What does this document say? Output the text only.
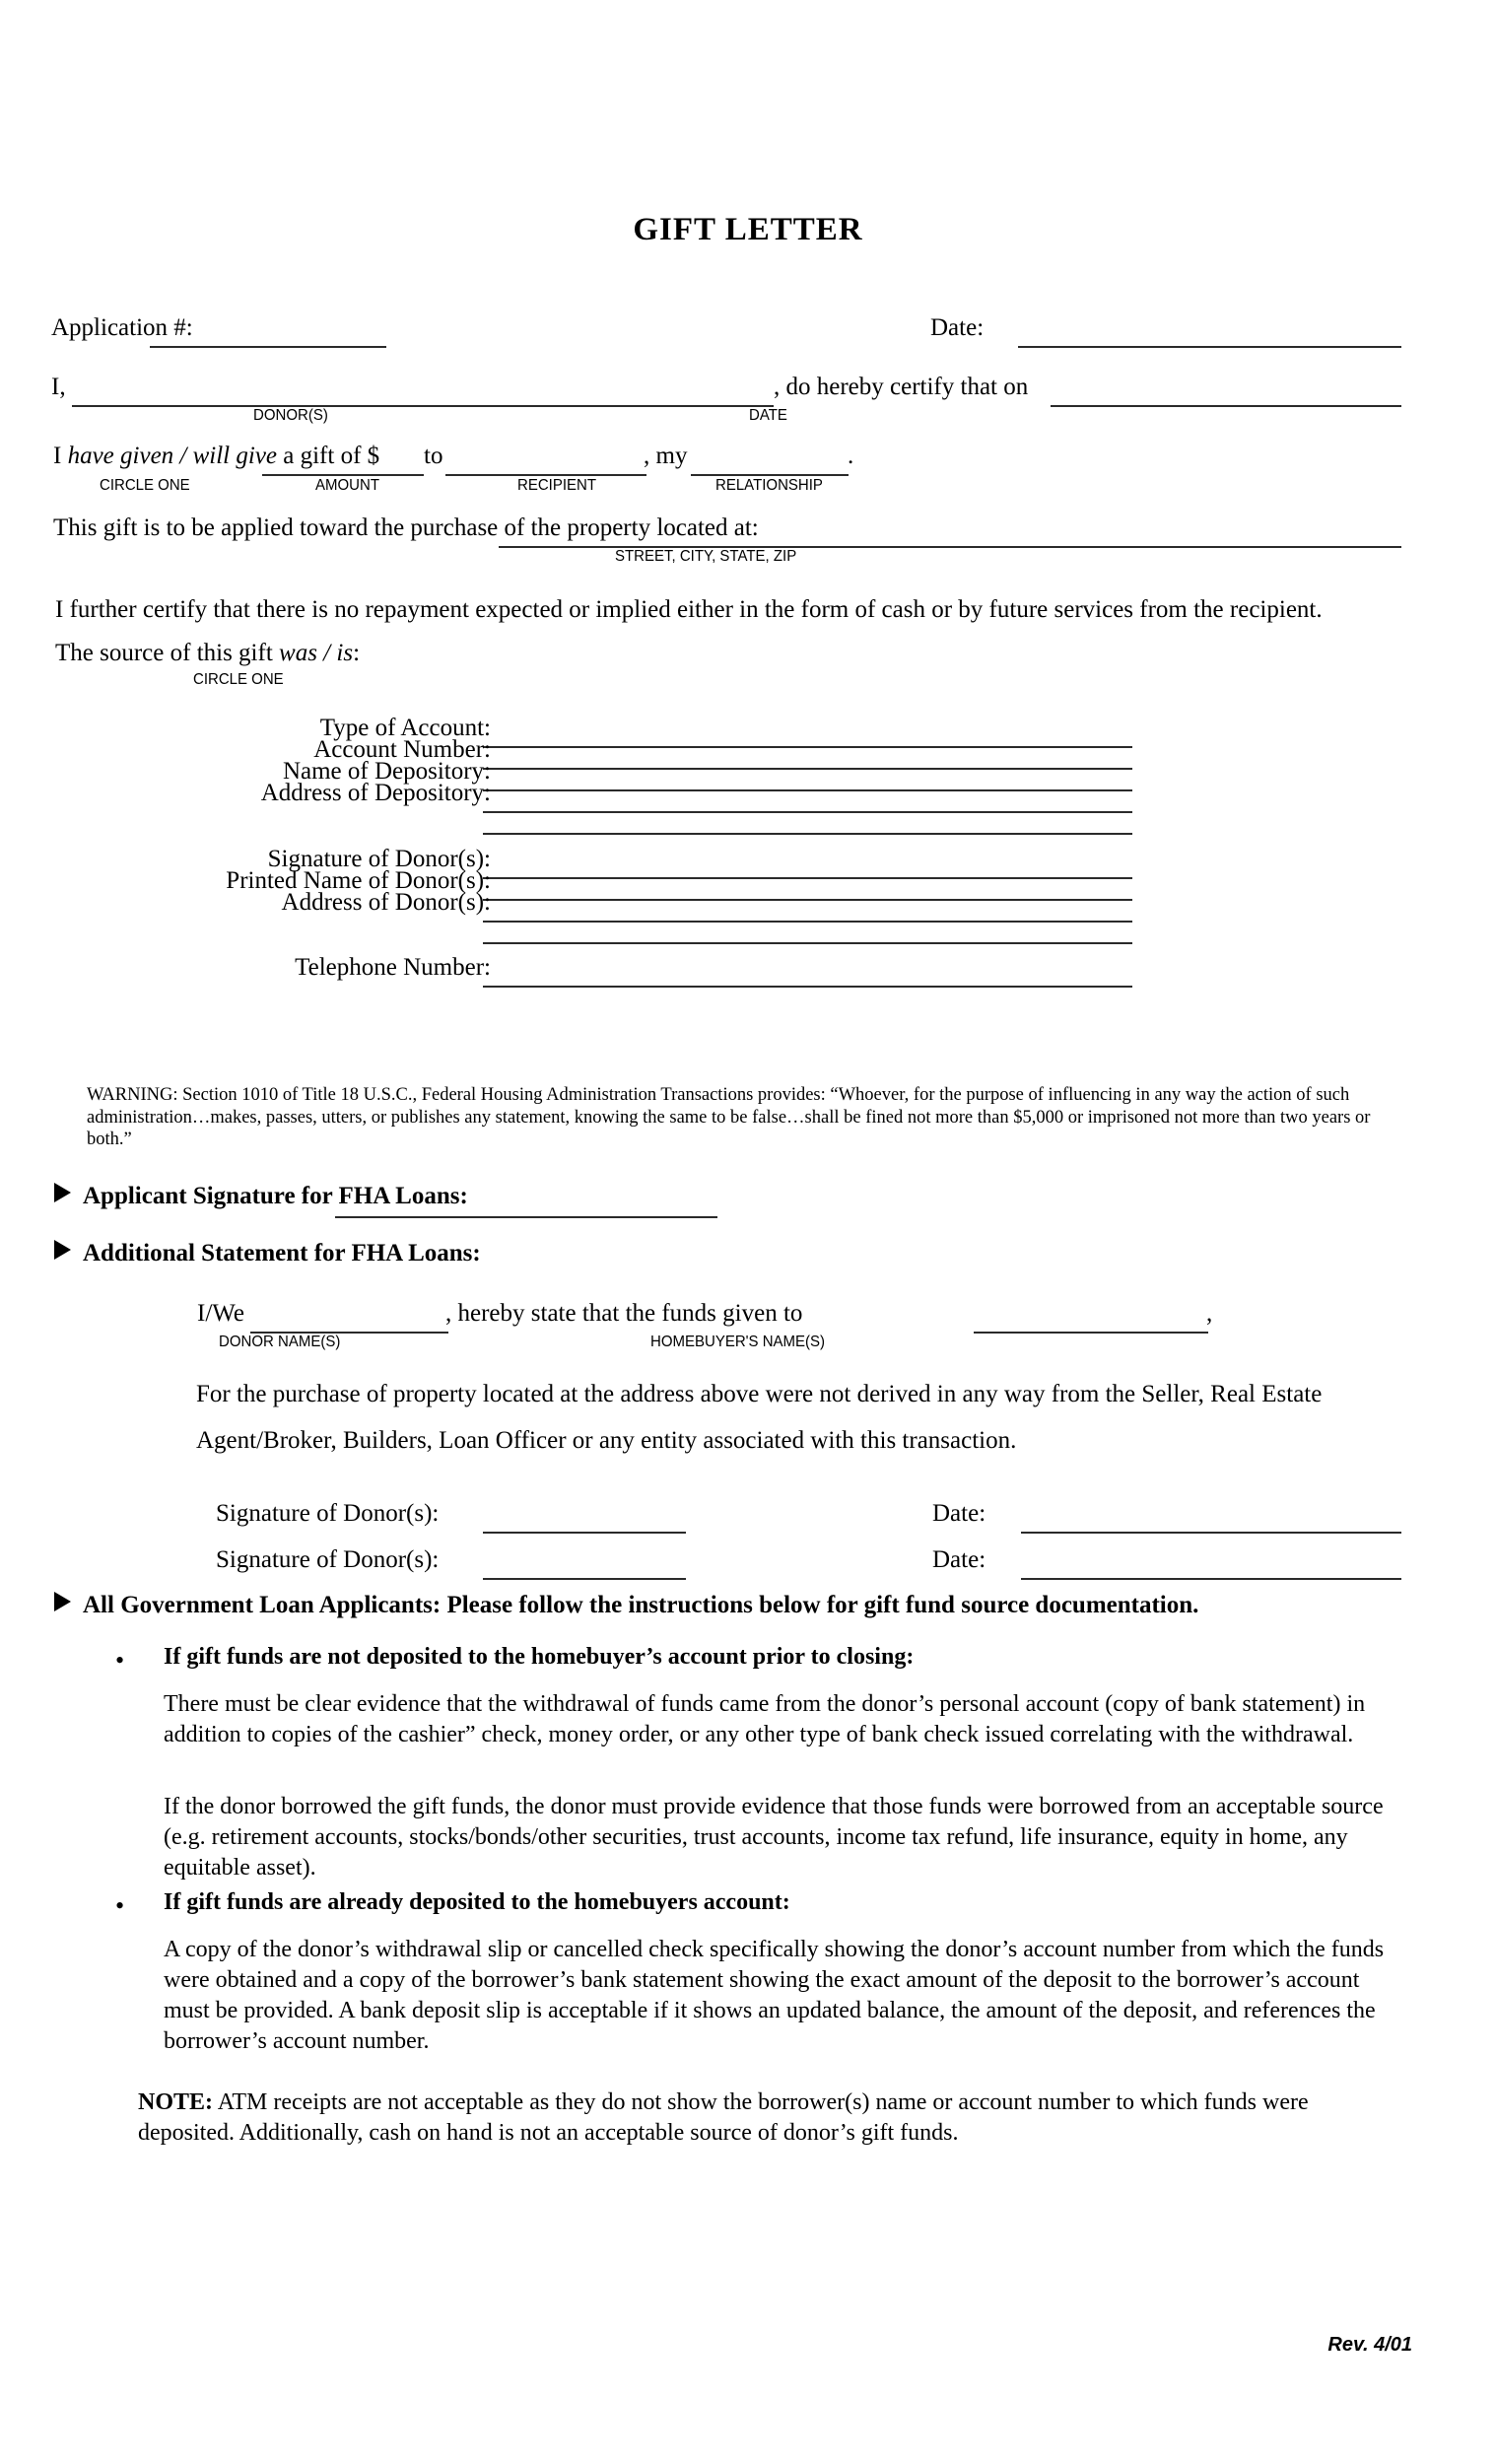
GIFT LETTER
Application #:	Date:
I,	, do hereby certify that on
DONOR(S)	DATE
I have given / will give a gift of $ to	, my	.
CIRCLE ONE	AMOUNT	RECIPIENT	RELATIONSHIP
This gift is to be applied toward the purchase of the property located at:
STREET, CITY, STATE, ZIP
I further certify that there is no repayment expected or implied either in the form of cash or by future services from the recipient.
The source of this gift was / is:
CIRCLE ONE
Type of Account:
Account Number:
Name of Depository:
Address of Depository:
Signature of Donor(s):
Printed Name of Donor(s):
Address of Donor(s):
Telephone Number:
WARNING: Section 1010 of Title 18 U.S.C., Federal Housing Administration Transactions provides: “Whoever, for the purpose of influencing in any way the action of such administration…makes, passes, utters, or publishes any statement, knowing the same to be false…shall be fined not more than $5,000 or imprisoned not more than two years or both.”
Applicant Signature for FHA Loans:
Additional Statement for FHA Loans:
I/We	, hereby state that the funds given to	,
DONOR NAME(S)	HOMEBUYER'S NAME(S)
For the purchase of property located at the address above were not derived in any way from the Seller, Real Estate
Agent/Broker, Builders, Loan Officer or any entity associated with this transaction.
Signature of Donor(s):	Date:
Signature of Donor(s):	Date:
All Government Loan Applicants: Please follow the instructions below for gift fund source documentation.
• If gift funds are not deposited to the homebuyer’s account prior to closing:
There must be clear evidence that the withdrawal of funds came from the donor’s personal account (copy of bank statement) in addition to copies of the cashier” check, money order, or any other type of bank check issued correlating with the withdrawal.
If the donor borrowed the gift funds, the donor must provide evidence that those funds were borrowed from an acceptable source (e.g. retirement accounts, stocks/bonds/other securities, trust accounts, income tax refund, life insurance, equity in home, any equitable asset).
• If gift funds are already deposited to the homebuyers account:
A copy of the donor’s withdrawal slip or cancelled check specifically showing the donor’s account number from which the funds were obtained and a copy of the borrower’s bank statement showing the exact amount of the deposit to the borrower’s account must be provided. A bank deposit slip is acceptable if it shows an updated balance, the amount of the deposit, and references the borrower’s account number.
NOTE: ATM receipts are not acceptable as they do not show the borrower(s) name or account number to which funds were deposited. Additionally, cash on hand is not an acceptable source of donor’s gift funds.
Rev. 4/01
